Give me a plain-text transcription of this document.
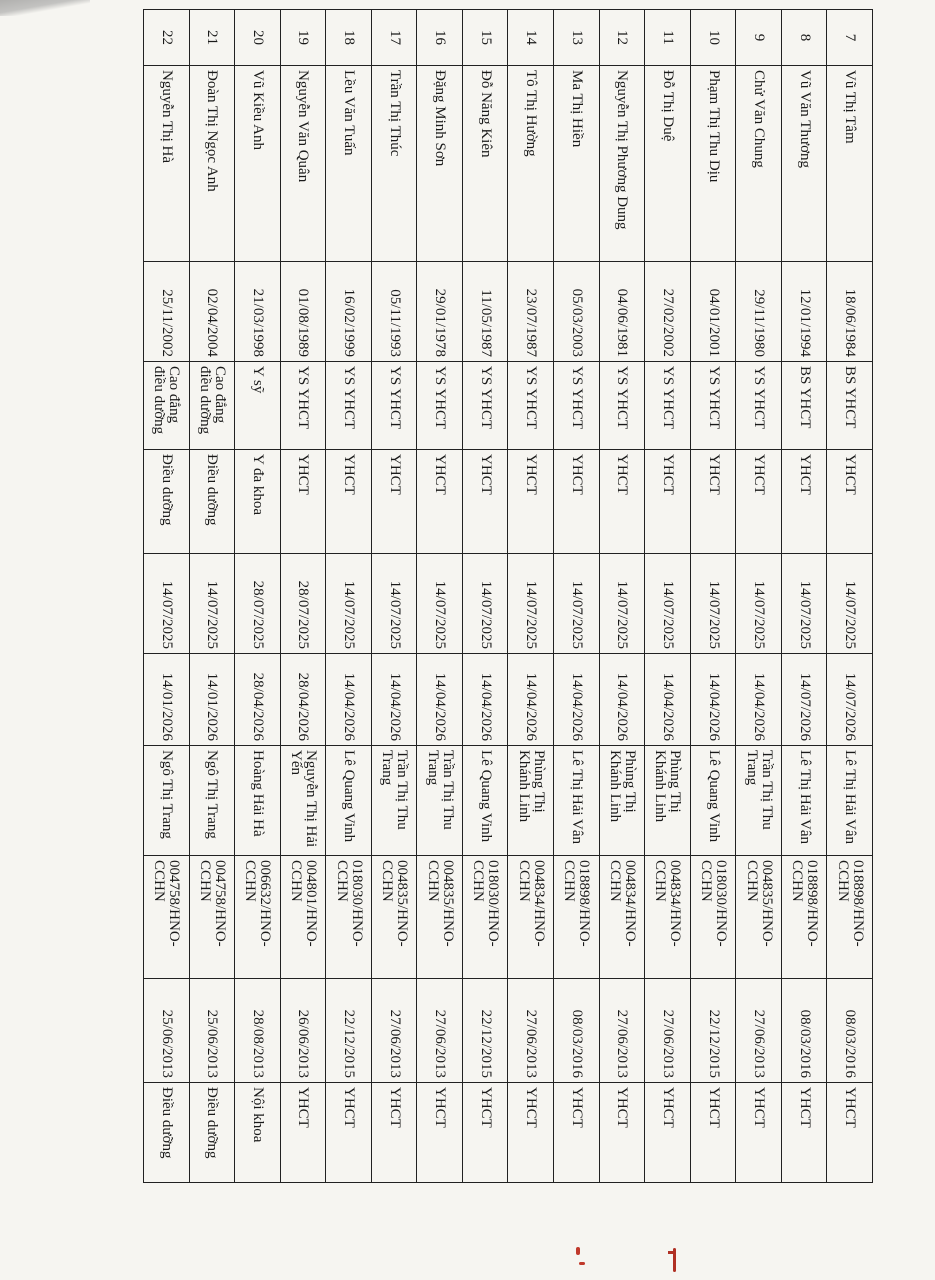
7	Vũ Thị Tâm	18/06/1984	BS YHCT	YHCT	14/07/2025	14/07/2026	Lê Thị Hải Vân	018898/HNO-CCHN	08/03/2016	YHCT
8	Vũ Văn Thương	12/01/1994	BS YHCT	YHCT	14/07/2025	14/07/2026	Lê Thị Hải Vân	018898/HNO-CCHN	08/03/2016	YHCT
9	Chử Văn Chung	29/11/1980	YS YHCT	YHCT	14/07/2025	14/04/2026	Trần Thị Thu Trang	004835/HNO-CCHN	27/06/2013	YHCT
10	Phạm Thị Thu Dịu	04/01/2001	YS YHCT	YHCT	14/07/2025	14/04/2026	Lê Quang Vinh	018030/HNO-CCHN	22/12/2015	YHCT
11	Đỗ Thị Duệ	27/02/2002	YS YHCT	YHCT	14/07/2025	14/04/2026	Phùng Thị Khánh Linh	004834/HNO-CCHN	27/06/2013	YHCT
12	Nguyễn Thị Phương Dung	04/06/1981	YS YHCT	YHCT	14/07/2025	14/04/2026	Phùng Thị Khánh Linh	004834/HNO-CCHN	27/06/2013	YHCT
13	Ma Thị Hiền	05/03/2003	YS YHCT	YHCT	14/07/2025	14/04/2026	Lê Thị Hải Vân	018898/HNO-CCHN	08/03/2016	YHCT
14	Tô Thị Hường	23/07/1987	YS YHCT	YHCT	14/07/2025	14/04/2026	Phùng Thị Khánh Linh	004834/HNO-CCHN	27/06/2013	YHCT
15	Đỗ Năng Kiên	11/05/1987	YS YHCT	YHCT	14/07/2025	14/04/2026	Lê Quang Vinh	018030/HNO-CCHN	22/12/2015	YHCT
16	Đặng Minh Sơn	29/01/1978	YS YHCT	YHCT	14/07/2025	14/04/2026	Trần Thị Thu Trang	004835/HNO-CCHN	27/06/2013	YHCT
17	Trần Thị Thúc	05/11/1993	YS YHCT	YHCT	14/07/2025	14/04/2026	Trần Thị Thu Trang	004835/HNO-CCHN	27/06/2013	YHCT
18	Lều Văn Tuấn	16/02/1999	YS YHCT	YHCT	14/07/2025	14/04/2026	Lê Quang Vinh	018030/HNO-CCHN	22/12/2015	YHCT
19	Nguyễn Văn Quân	01/08/1989	YS YHCT	YHCT	28/07/2025	28/04/2026	Nguyễn Thị Hải Yến	004801/HNO-CCHN	26/06/2013	YHCT
20	Vũ Kiều Anh	21/03/1998	Y sỹ	Y đa khoa	28/07/2025	28/04/2026	Hoàng Hải Hà	006632/HNO-CCHN	28/08/2013	Nội khoa
21	Đoàn Thị Ngọc Anh	02/04/2004	Cao đẳng điều dưỡng	Điều dưỡng	14/07/2025	14/01/2026	Ngô Thị Trang	004758/HNO-CCHN	25/06/2013	Điều dưỡng
22	Nguyễn Thị Hà	25/11/2002	Cao đẳng điều dưỡng	Điều dưỡng	14/07/2025	14/01/2026	Ngô Thị Trang	004758/HNO-CCHN	25/06/2013	Điều dưỡng
